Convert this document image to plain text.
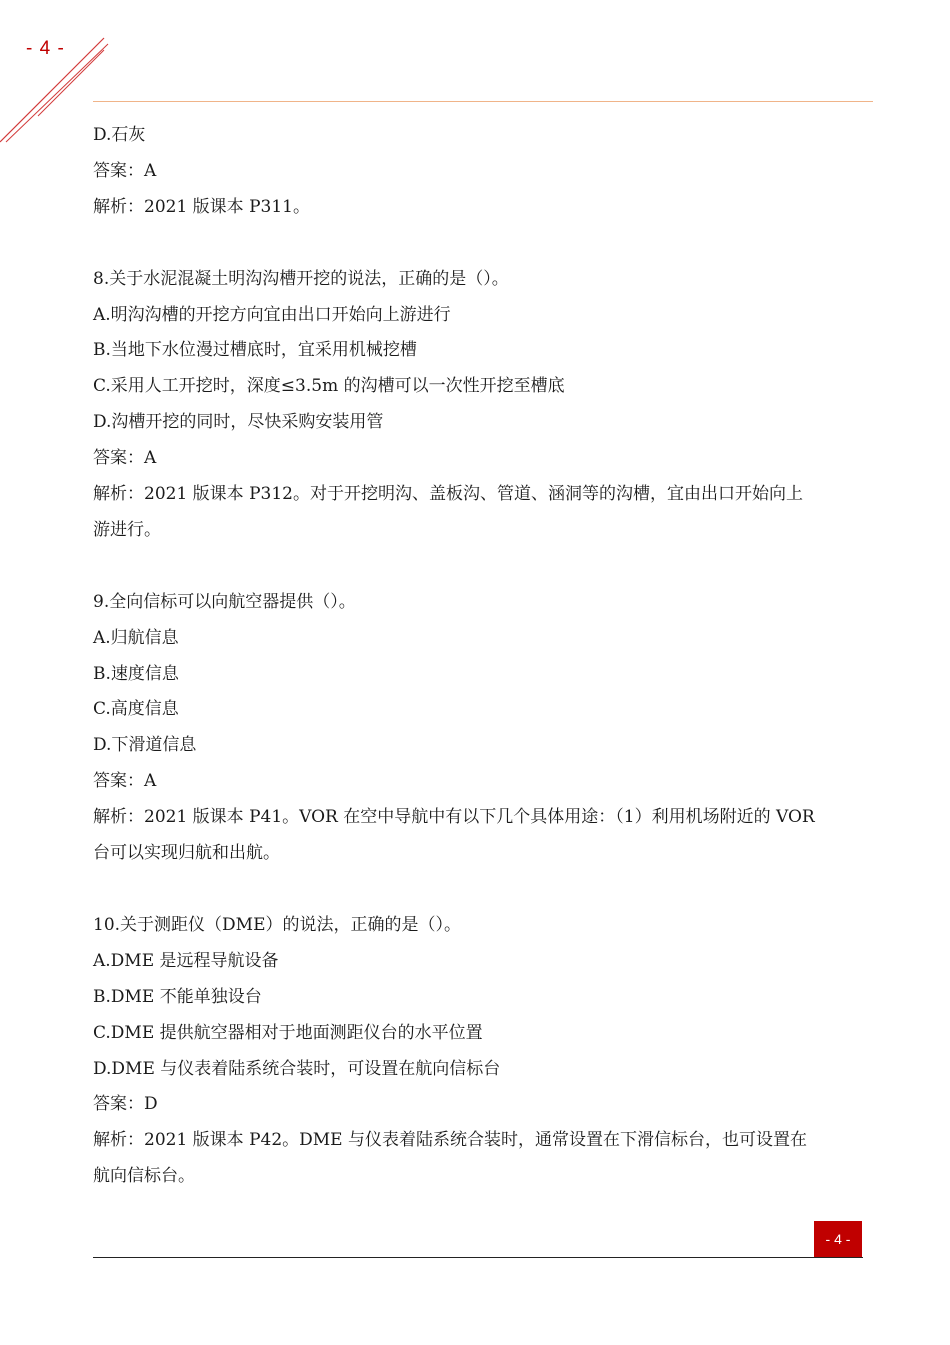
- 4 -

D.石灰

答案：A

解析：2021 版课本 P311。

8.关于水泥混凝土明沟沟槽开挖的说法，正确的是（）。

A.明沟沟槽的开挖方向宜由出口开始向上游进行

B.当地下水位漫过槽底时，宜采用机械挖槽

C.采用人工开挖时，深度≤3.5m 的沟槽可以一次性开挖至槽底

D.沟槽开挖的同时，尽快采购安装用管

答案：A

解析：2021 版课本 P312。对于开挖明沟、盖板沟、管道、涵洞等的沟槽，宜由出口开始向上

游进行。

9.全向信标可以向航空器提供（）。

A.归航信息

B.速度信息

C.高度信息

D.下滑道信息

答案：A

解析：2021 版课本 P41。VOR 在空中导航中有以下几个具体用途：（1）利用机场附近的 VOR

台可以实现归航和出航。

10.关于测距仪（DME）的说法，正确的是（）。

A.DME 是远程导航设备

B.DME 不能单独设台

C.DME 提供航空器相对于地面测距仪台的水平位置

D.DME 与仪表着陆系统合装时，可设置在航向信标台

答案：D

解析：2021 版课本 P42。DME 与仪表着陆系统合装时，通常设置在下滑信标台，也可设置在

航向信标台。

- 4 -
